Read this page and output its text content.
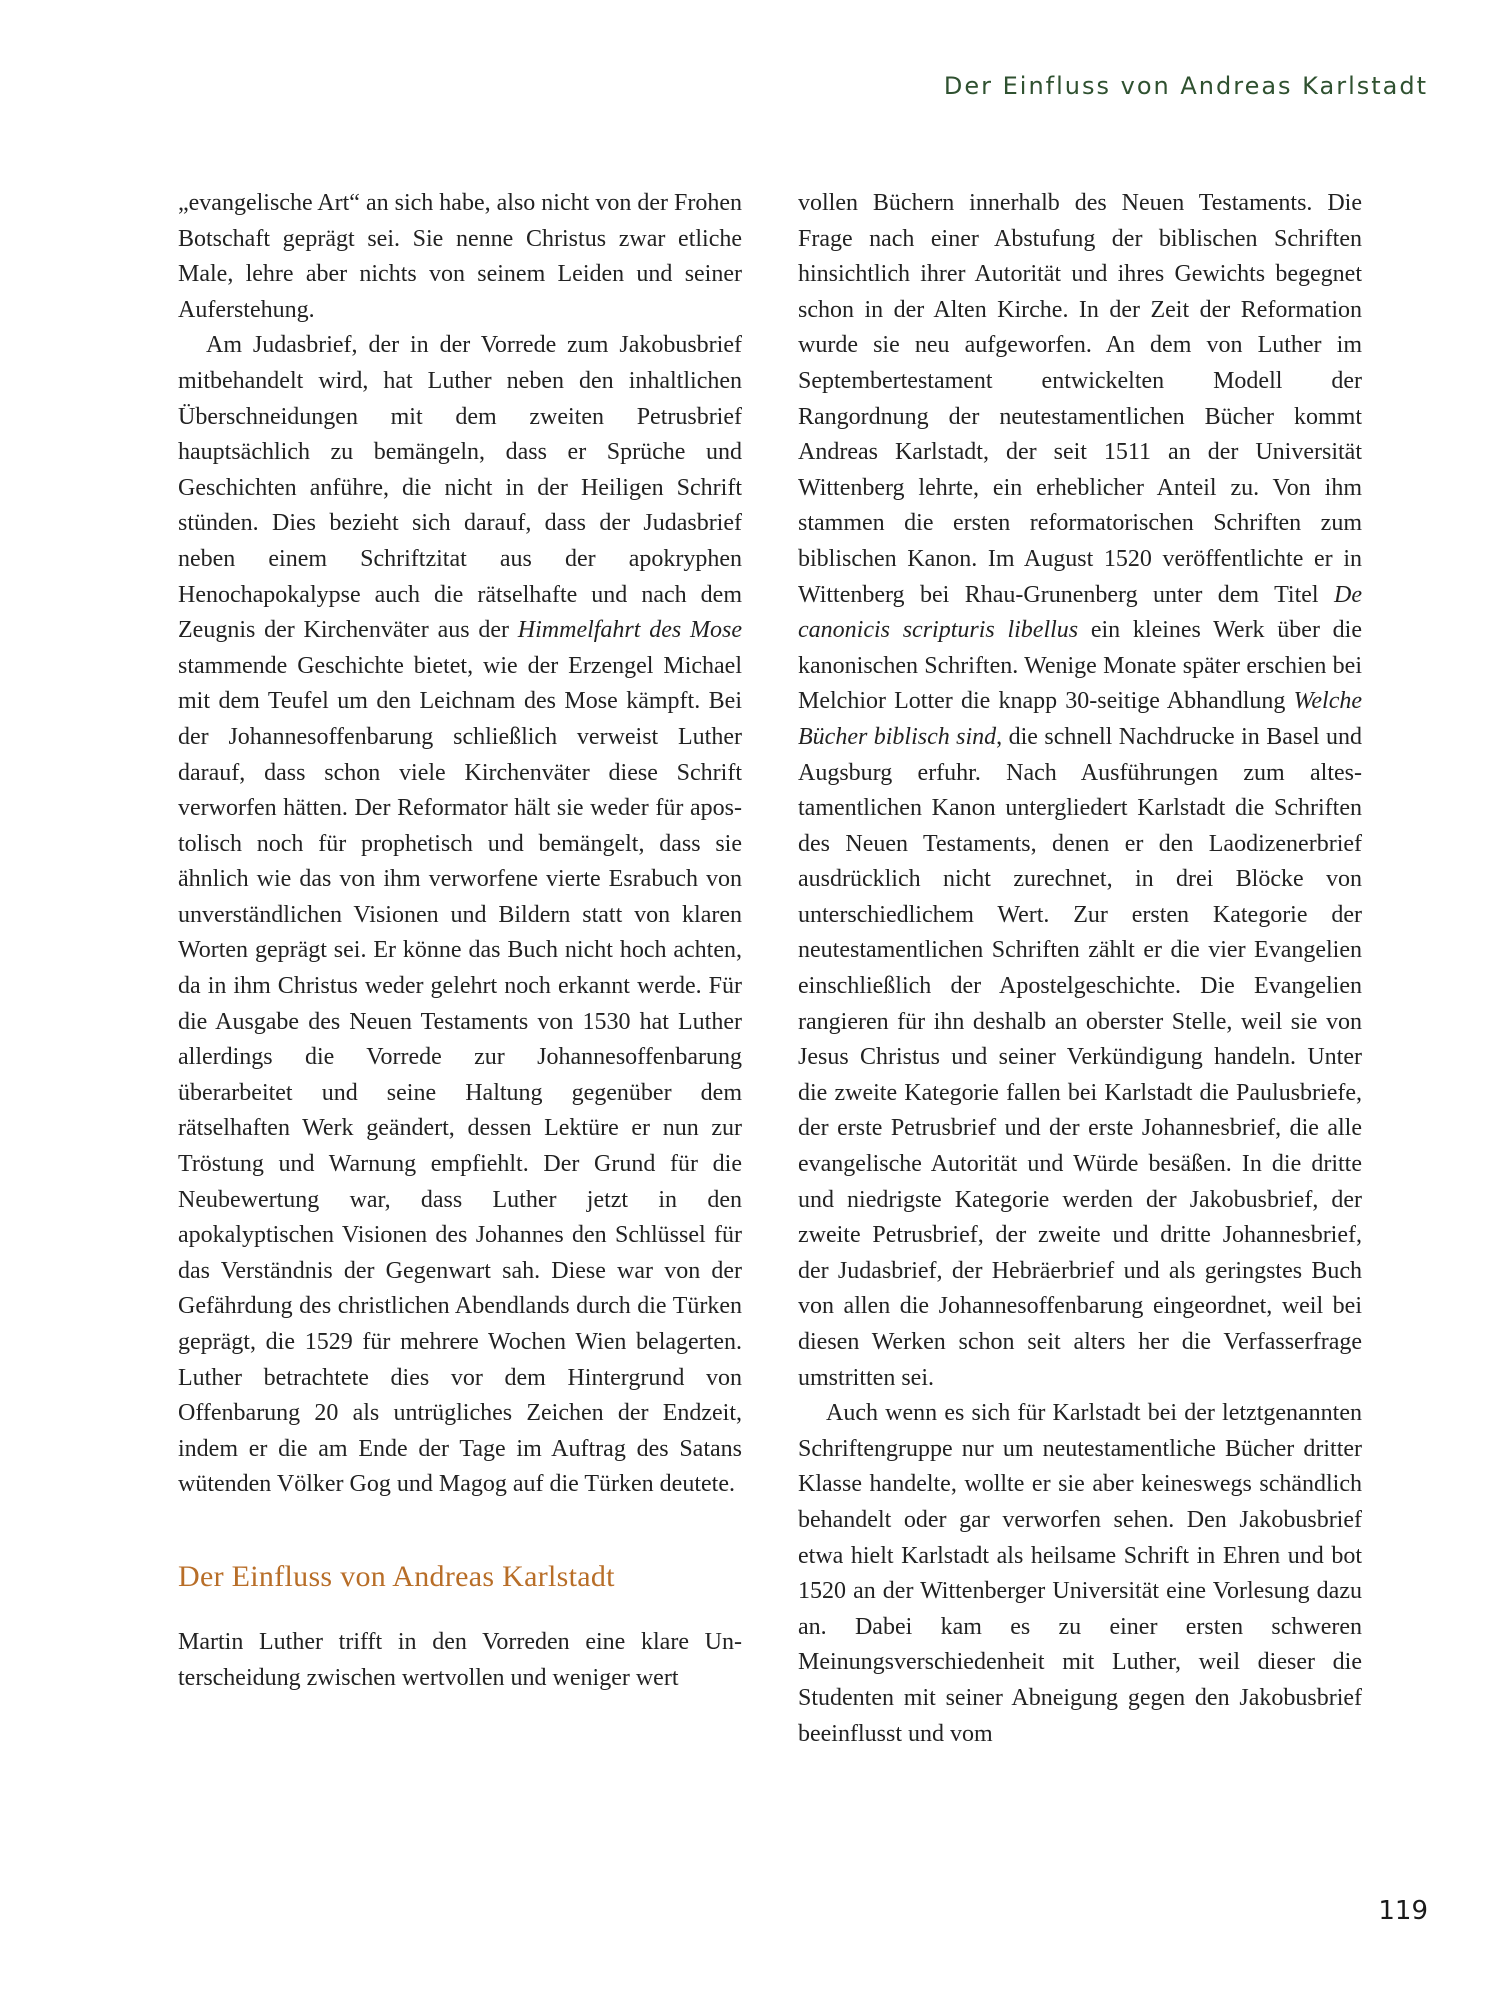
Der Einfluss von Andreas Karlstadt

„evangelische Art“ an sich habe, also nicht von der Frohen Botschaft geprägt sei. Sie nenne Christus zwar etliche Male, lehre aber nichts von seinem Leiden und seiner Auferstehung.

Am Judasbrief, der in der Vorrede zum Jakobusbrief mitbehandelt wird, hat Luther neben den inhaltlichen Überschneidungen mit dem zweiten Petrusbrief hauptsächlich zu bemängeln, dass er Sprüche und Geschichten anführe, die nicht in der Heiligen Schrift stünden. Dies bezieht sich darauf, dass der Judasbrief neben einem Schriftzitat aus der apokryphen Henochapokalypse auch die rätselhafte und nach dem Zeugnis der Kirchenväter aus der Himmelfahrt des Mose stammende Geschichte bietet, wie der Erzengel Michael mit dem Teufel um den Leichnam des Mose kämpft. Bei der Johannesoffenbarung schließlich verweist Luther darauf, dass schon viele Kirchenväter diese Schrift verworfen hätten. Der Reformator hält sie weder für apostolisch noch für prophetisch und bemängelt, dass sie ähnlich wie das von ihm verworfene vierte Esrabuch von unverständlichen Visionen und Bildern statt von klaren Worten geprägt sei. Er könne das Buch nicht hoch achten, da in ihm Christus weder gelehrt noch erkannt werde. Für die Ausgabe des Neuen Testaments von 1530 hat Luther allerdings die Vorrede zur Johannesoffenbarung überarbeitet und seine Haltung gegenüber dem rätselhaften Werk geändert, dessen Lektüre er nun zur Tröstung und Warnung empfiehlt. Der Grund für die Neubewertung war, dass Luther jetzt in den apokalyptischen Visionen des Johannes den Schlüssel für das Verständnis der Gegenwart sah. Diese war von der Gefährdung des christlichen Abendlands durch die Türken geprägt, die 1529 für mehrere Wochen Wien belagerten. Luther betrachtete dies vor dem Hintergrund von Offenbarung 20 als untrügliches Zeichen der Endzeit, indem er die am Ende der Tage im Auftrag des Satans wütenden Völker Gog und Magog auf die Türken deutete.

Der Einfluss von Andreas Karlstadt

Martin Luther trifft in den Vorreden eine klare Unterscheidung zwischen wertvollen und weniger wert

vollen Büchern innerhalb des Neuen Testaments. Die Frage nach einer Abstufung der biblischen Schriften hinsichtlich ihrer Autorität und ihres Gewichts begegnet schon in der Alten Kirche. In der Zeit der Reformation wurde sie neu aufgeworfen. An dem von Luther im Septembertestament entwickelten Modell der Rangordnung der neutestamentlichen Bücher kommt Andreas Karlstadt, der seit 1511 an der Universität Wittenberg lehrte, ein erheblicher Anteil zu. Von ihm stammen die ersten reformatorischen Schriften zum biblischen Kanon. Im August 1520 veröffentlichte er in Wittenberg bei Rhau-Grunenberg unter dem Titel De canonicis scripturis libellus ein kleines Werk über die kanonischen Schriften. Wenige Monate später erschien bei Melchior Lotter die knapp 30-seitige Abhandlung Welche Bücher biblisch sind, die schnell Nachdrucke in Basel und Augsburg erfuhr. Nach Ausführungen zum altestamentlichen Kanon untergliedert Karlstadt die Schriften des Neuen Testaments, denen er den Laodizenerbrief ausdrücklich nicht zurechnet, in drei Blöcke von unterschiedlichem Wert. Zur ersten Kategorie der neutestamentlichen Schriften zählt er die vier Evangelien einschließlich der Apostelgeschichte. Die Evangelien rangieren für ihn deshalb an oberster Stelle, weil sie von Jesus Christus und seiner Verkündigung handeln. Unter die zweite Kategorie fallen bei Karlstadt die Paulusbriefe, der erste Petrusbrief und der erste Johannesbrief, die alle evangelische Autorität und Würde besäßen. In die dritte und niedrigste Kategorie werden der Jakobusbrief, der zweite Petrusbrief, der zweite und dritte Johannesbrief, der Judasbrief, der Hebräerbrief und als geringstes Buch von allen die Johannesoffenbarung eingeordnet, weil bei diesen Werken schon seit alters her die Verfasserfrage umstritten sei.

Auch wenn es sich für Karlstadt bei der letztgenannten Schriftengruppe nur um neutestamentliche Bücher dritter Klasse handelte, wollte er sie aber keineswegs schändlich behandelt oder gar verworfen sehen. Den Jakobusbrief etwa hielt Karlstadt als heilsame Schrift in Ehren und bot 1520 an der Wittenberger Universität eine Vorlesung dazu an. Dabei kam es zu einer ersten schweren Meinungsverschiedenheit mit Luther, weil dieser die Studenten mit seiner Abneigung gegen den Jakobusbrief beeinflusst und vom

119
